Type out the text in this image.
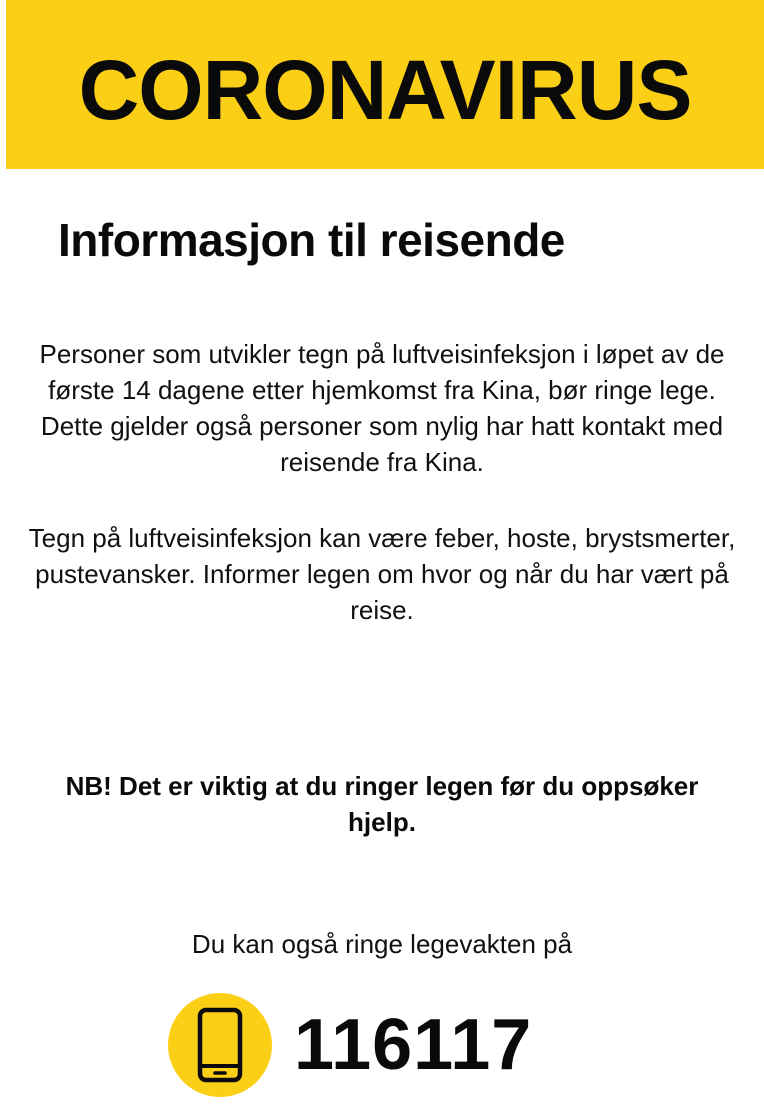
CORONAVIRUS
Informasjon til reisende

Personer som utvikler tegn på luftveisinfeksjon i løpet av de første 14 dagene etter hjemkomst fra Kina, bør ringe lege. Dette gjelder også personer som nylig har hatt kontakt med reisende fra Kina.

Tegn på luftveisinfeksjon kan være feber, hoste, brystsmerter, pustevansker. Informer legen om hvor og når du har vært på reise.

NB! Det er viktig at du ringer legen før du oppsøker hjelp.

Du kan også ringe legevakten på

116117
